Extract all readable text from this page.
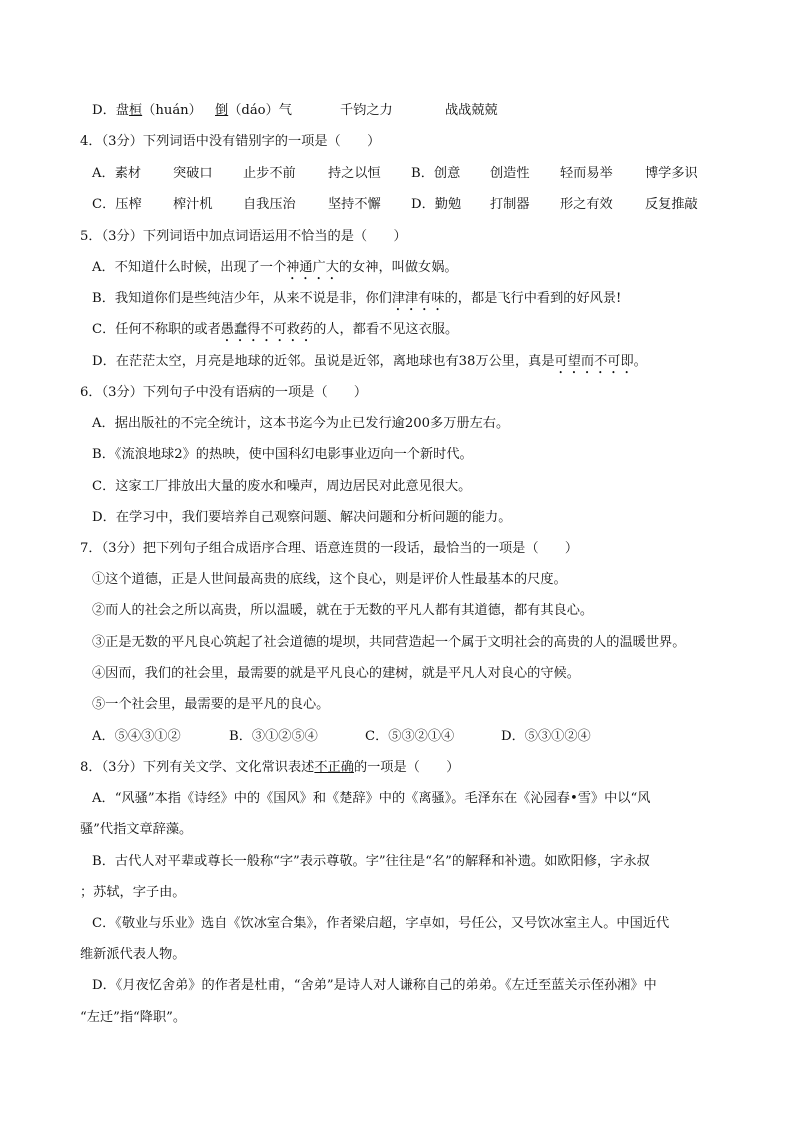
D．盘桓（huán） 倒（dáo）气	千钧之力	战战兢兢
4．（3分）下列词语中没有错别字的一项是（　　）
A．素材 突破口 止步不前 持之以恒 B．创意 创造性 轻而易举 博学多识
C．压榨 榨汁机 自我压治 坚持不懈 D．勤勉 打制器 形之有效 反复推敲
5．（3分）下列词语中加点词语运用不恰当的是（　　）
A．不知道什么时候，出现了一个神通广大的女神，叫做女娲。
B．我知道你们是些纯洁少年，从来不说是非，你们津津有味的，都是飞行中看到的好风景!
C．任何不称职的或者愚蠢得不可救药的人，都看不见这衣服。
D．在茫茫太空，月亮是地球的近邻。虽说是近邻，离地球也有38万公里，真是可望而不可即。
6．（3分）下列句子中没有语病的一项是（　　）
A．据出版社的不完全统计，这本书迄今为止已发行逾200多万册左右。
B．《流浪地球2》的热映，使中国科幻电影事业迈向一个新时代。
C．这家工厂排放出大量的废水和噪声，周边居民对此意见很大。
D．在学习中，我们要培养自己观察问题、解决问题和分析问题的能力。
7．（3分）把下列句子组合成语序合理、语意连贯的一段话，最恰当的一项是（　　）
①这个道德，正是人世间最高贵的底线，这个良心，则是评价人性最基本的尺度。
②而人的社会之所以高贵，所以温暖，就在于无数的平凡人都有其道德，都有其良心。
③正是无数的平凡良心筑起了社会道德的堤坝，共同营造起一个属于文明社会的高贵的人的温暖世界。
④因而，我们的社会里，最需要的就是平凡良心的建树，就是平凡人对良心的守候。
⑤一个社会里，最需要的是平凡的良心。
A．⑤④③①②	B．③①②⑤④	C．⑤③②①④	D．⑤③①②④
8．（3分）下列有关文学、文化常识表述不正确的一项是（　　）
A．“风骚”本指《诗经》中的《国风》和《楚辞》中的《离骚》。毛泽东在《沁园春•雪》中以“风
骚”代指文章辞藻。
B．古代人对平辈或尊长一般称“字”表示尊敬。字”往往是“名”的解释和补遗。如欧阳修，字永叔
；苏轼，字子由。
C．《敬业与乐业》选自《饮冰室合集》，作者梁启超，字卓如，号任公，又号饮冰室主人。中国近代
维新派代表人物。
D．《月夜忆舍弟》的作者是杜甫，“舍弟”是诗人对人谦称自己的弟弟。《左迁至蓝关示侄孙湘》中
“左迁”指“降职”。
